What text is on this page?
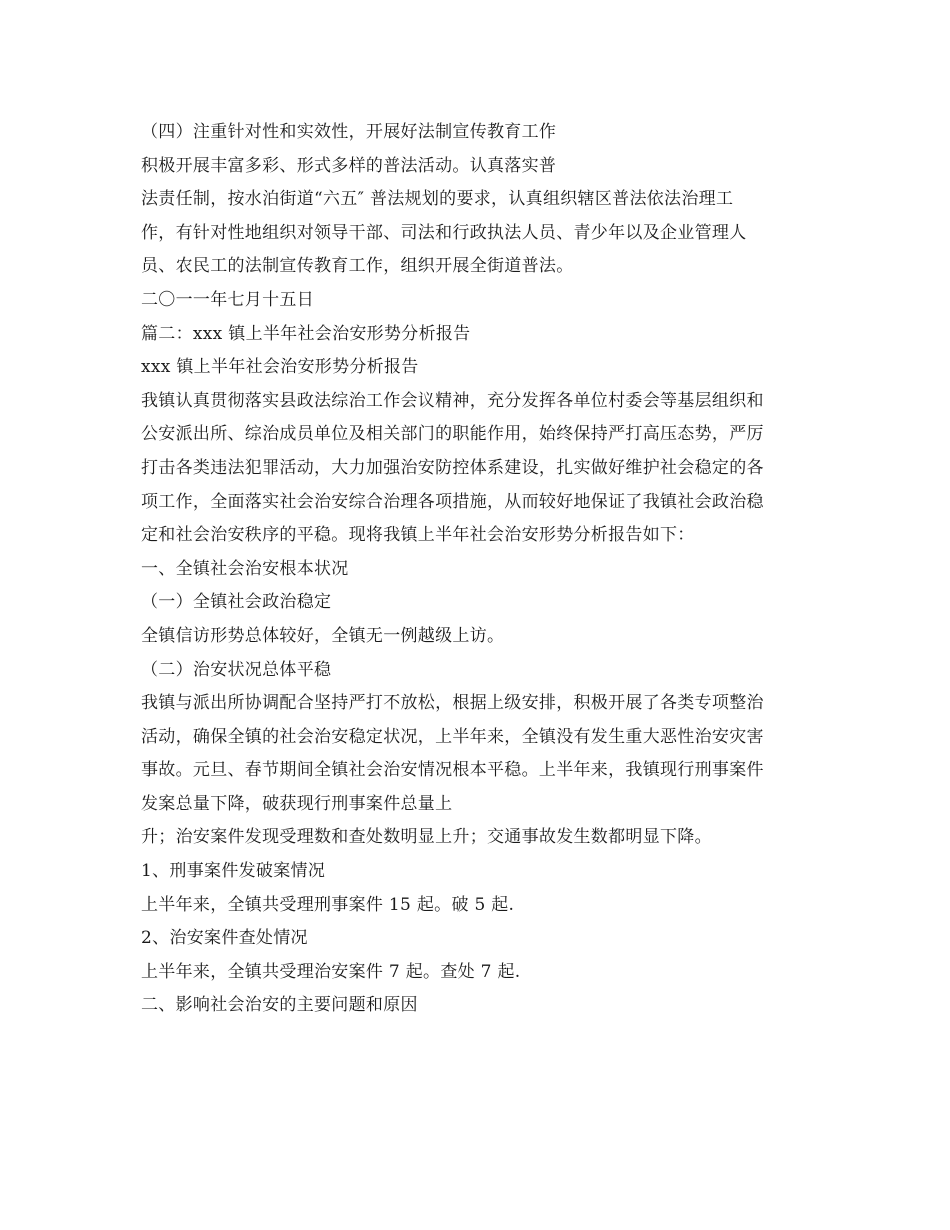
（四）注重针对性和实效性，开展好法制宣传教育工作
积极开展丰富多彩、形式多样的普法活动。认真落实普
法责任制，按水泊街道“六五″ 普法规划的要求，认真组织辖区普法依法治理工
作，有针对性地组织对领导干部、司法和行政执法人员、青少年以及企业管理人
员、农民工的法制宣传教育工作，组织开展全街道普法。
二〇一一年七月十五日
篇二：xxx 镇上半年社会治安形势分析报告
xxx 镇上半年社会治安形势分析报告
我镇认真贯彻落实县政法综治工作会议精神，充分发挥各单位村委会等基层组织和
公安派出所、综治成员单位及相关部门的职能作用，始终保持严打高压态势，严厉
打击各类违法犯罪活动，大力加强治安防控体系建设，扎实做好维护社会稳定的各
项工作，全面落实社会治安综合治理各项措施，从而较好地保证了我镇社会政治稳
定和社会治安秩序的平稳。现将我镇上半年社会治安形势分析报告如下：
一、全镇社会治安根本状况
（一）全镇社会政治稳定
全镇信访形势总体较好，全镇无一例越级上访。
（二）治安状况总体平稳
我镇与派出所协调配合坚持严打不放松，根据上级安排，积极开展了各类专项整治
活动，确保全镇的社会治安稳定状况，上半年来，全镇没有发生重大恶性治安灾害
事故。元旦、春节期间全镇社会治安情况根本平稳。上半年来，我镇现行刑事案件
发案总量下降，破获现行刑事案件总量上
升；治安案件发现受理数和查处数明显上升；交通事故发生数都明显下降。
1、刑事案件发破案情况
上半年来，全镇共受理刑事案件 15 起。破 5 起.
2、治安案件查处情况
上半年来，全镇共受理治安案件 7 起。查处 7 起.
二、影响社会治安的主要问题和原因
